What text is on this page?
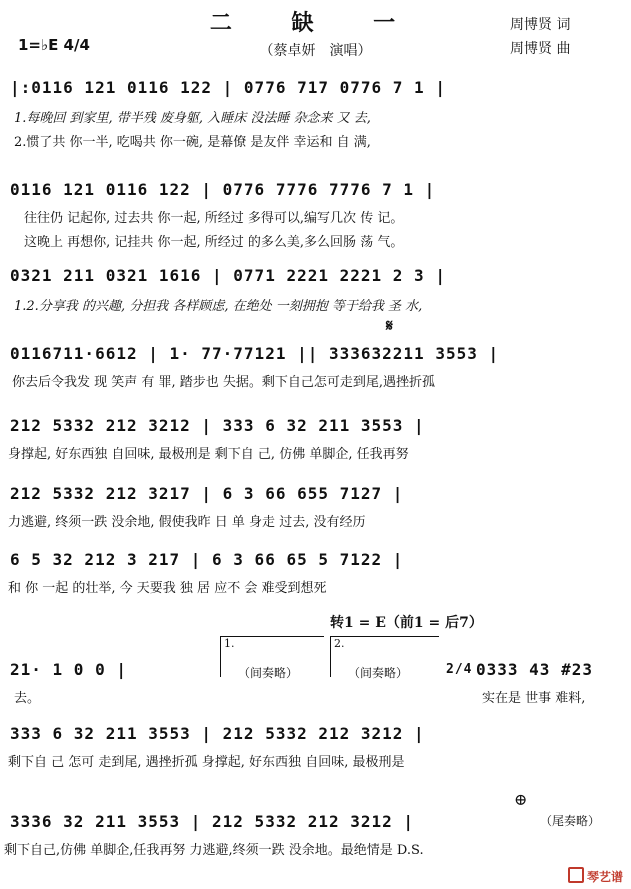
二 缺 一
（蔡卓妍　演唱）
1=♭E 4/4
周博贤 词
周博贤 曲
|:0116 121 0116 122 | 0776 717 0776 7 1 |
1.每晚回 到家里, 带半残 废身躯, 入睡床 没法睡 杂念来 又 去,
2.惯了共 你一半, 吃喝共 你一碗, 是幕僚 是友伴 幸运和 自 满,
0116 121 0116 122 | 0776 7776 7776 7 1 |
往往仍 记起你, 过去共 你一起, 所经过 多得可以,编写几次 传 记。
这晚上 再想你, 记挂共 你一起, 所经过 的多么美,多么回肠 荡 气。
0321 211 0321 1616 | 0771 2221 2221 2 3 |
1.2.分享我 的兴趣, 分担我 各样顾虑, 在绝处 一刻拥抱 等于给我 圣 水,
𝄋
0116711·6612 | 1· 77·77121 || 333632211 3553 |
你去后令我发 现 笑声 有 罪, 踏步也 失据。剩下自己怎可走到尾,遇挫折孤
212 5332 212 3212 | 333 6 32 211 3553 |
身撑起, 好东西独 自回味, 最极刑是 剩下自 己, 仿佛 单脚企, 任我再努
212 5332 212 3217 | 6 3 66 655 7127 |
力逃避, 终须一跌 没余地, 假使我昨 日 单 身走 过去, 没有经历
6 5 32 212 3 217 | 6 3 66 65 5 7122 |
和 你 一起 的壮举, 今 天要我 独 居 应不 会 难受到想死
转1 = E（前1 = 后7）
21· 1 0 0 |
去。
1.
（间奏略）
2.
（间奏略）	2/4 0333 43 #23
实在是 世事 难料,
333 6 32 211 3553 | 212 5332 212 3212 |
剩下自 己 怎可 走到尾, 遇挫折孤 身撑起, 好东西独 自回味, 最极刑是
⊕
3336 32 211 3553 | 212 5332 212 3212 |
剩下自己,仿佛 单脚企,任我再努 力逃避,终须一跌 没余地。最绝情是 D.S.
（尾奏略）
琴艺谱
